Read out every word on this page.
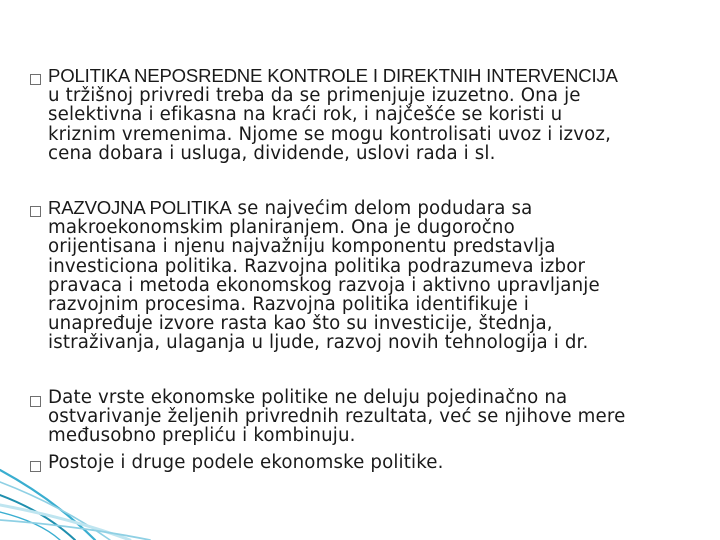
POLITIKA NEPOSREDNE KONTROLE I DIREKTNIH INTERVENCIJA
u tržišnoj privredi treba da se primenjuje izuzetno. Ona je
selektivna i efikasna na kraći rok, i najčešće se koristi u
kriznim vremenima. Njome se mogu kontrolisati uvoz i izvoz,
cena dobara i usluga, dividende, uslovi rada i sl.

RAZVOJNA POLITIKA se najvećim delom podudara sa
makroekonomskim planiranjem. Ona je dugoročno
orijentisana i njenu najvažniju komponentu predstavlja
investiciona politika. Razvojna politika podrazumeva izbor
pravaca i metoda ekonomskog razvoja i aktivno upravljanje
razvojnim procesima. Razvojna politika identifikuje i
unapređuje izvore rasta kao što su investicije, štednja,
istraživanja, ulaganja u ljude, razvoj novih tehnologija i dr.

Date vrste ekonomske politike ne deluju pojedinačno na
ostvarivanje željenih privrednih rezultata, već se njihove mere
međusobno prepliću i kombinuju.

Postoje i druge podele ekonomske politike.
